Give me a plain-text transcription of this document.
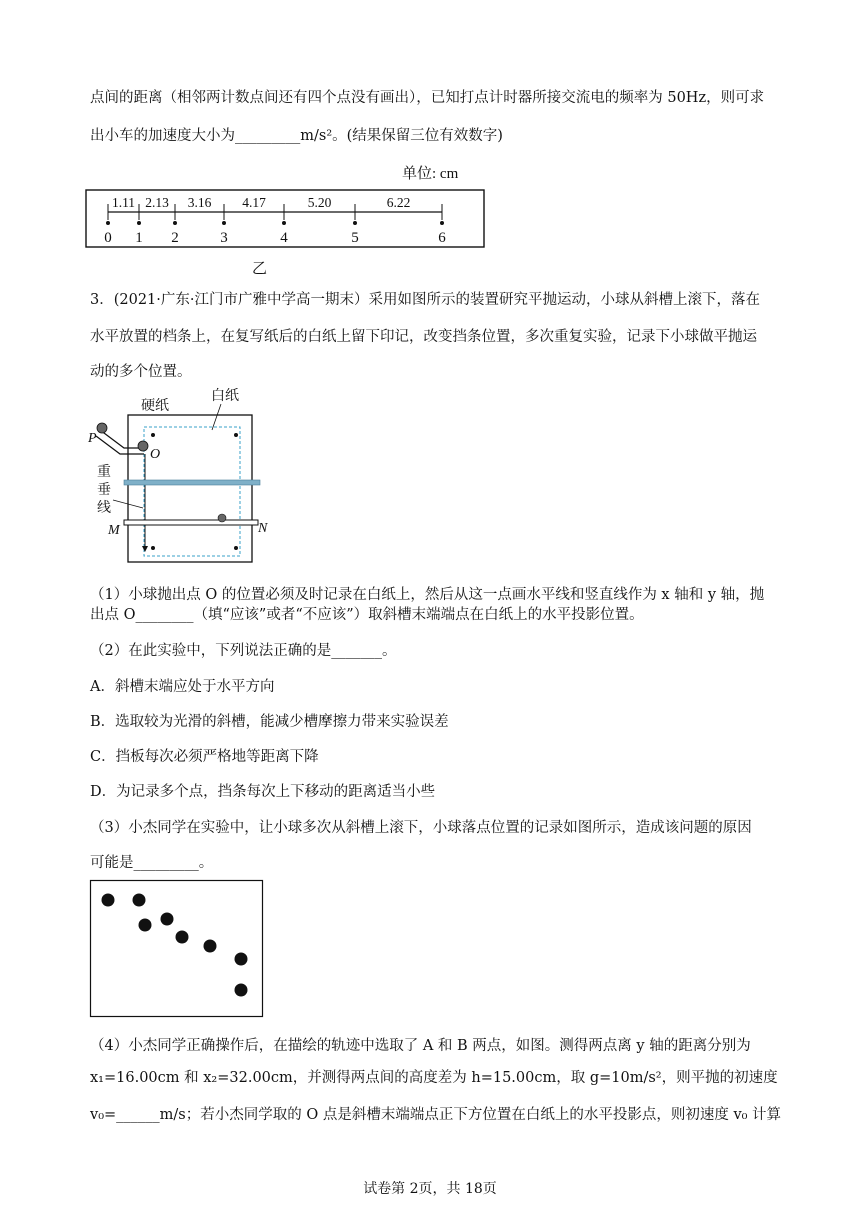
点间的距离（相邻两计数点间还有四个点没有画出），已知打点计时器所接交流电的频率为 50Hz，则可求
出小车的加速度大小为_________m/s²。(结果保留三位有效数字)
单位: cm
0 1 2	3	4	5	6
1.11 2.13 3.16 4.17	5.20	6.22
乙
3．(2021·广东·江门市广雅中学高一期末）采用如图所示的装置研究平抛运动，小球从斜槽上滚下，落在
水平放置的档条上，在复写纸后的白纸上留下印记，改变挡条位置，多次重复实验，记录下小球做平抛运
动的多个位置。
硬纸
白纸
P
O
重
垂
线
M	N
（1）小球抛出点 O 的位置必须及时记录在白纸上，然后从这一点画水平线和竖直线作为 x 轴和 y 轴，抛
出点 O________（填“应该”或者“不应该”）取斜槽末端端点在白纸上的水平投影位置。
（2）在此实验中，下列说法正确的是_______。
A．斜槽末端应处于水平方向
B．选取较为光滑的斜槽，能减少槽摩擦力带来实验误差
C．挡板每次必须严格地等距离下降
D．为记录多个点，挡条每次上下移动的距离适当小些
（3）小杰同学在实验中，让小球多次从斜槽上滚下，小球落点位置的记录如图所示，造成该问题的原因
可能是_________。
（4）小杰同学正确操作后，在描绘的轨迹中选取了 A 和 B 两点，如图。测得两点离 y 轴的距离分别为
x₁=16.00cm 和 x₂=32.00cm，并测得两点间的高度差为 h=15.00cm，取 g=10m/s²，则平抛的初速度
v₀=______m/s；若小杰同学取的 O 点是斜槽末端端点正下方位置在白纸上的水平投影点，则初速度 v₀ 计算
试卷第 2页，共 18页
